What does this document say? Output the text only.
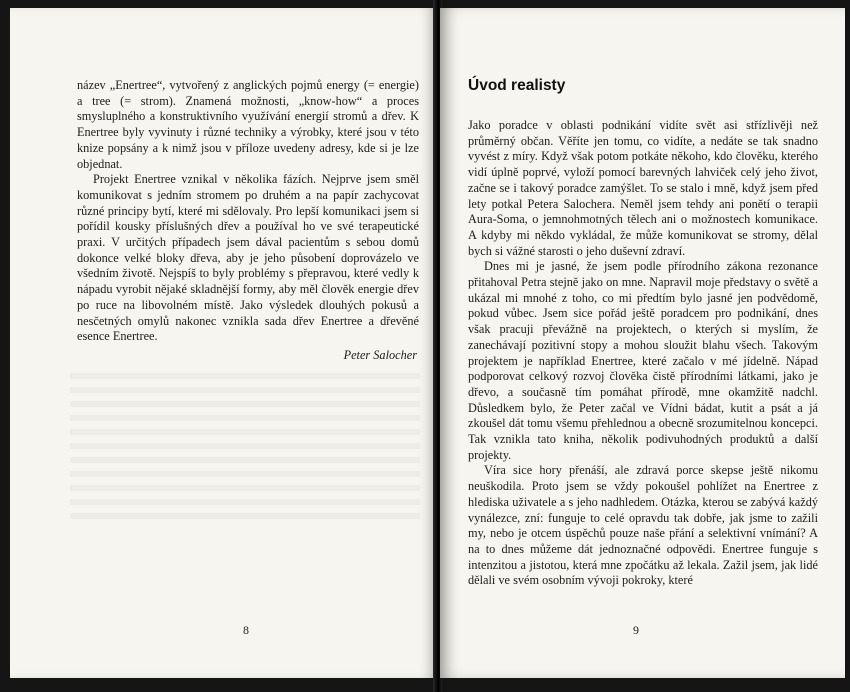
název „Enertree“, vytvořený z anglických pojmů energy (= energie) a tree (= strom). Znamená možnosti, „know-how“ a proces smysluplného a konstruktivního využívání energií stromů a dřev. K Enertree byly vyvinuty i různé techniky a výrobky, které jsou v této knize popsány a k nimž jsou v příloze uvedeny adresy, kde si je lze objednat.

Projekt Enertree vznikal v několika fázích. Nejprve jsem směl komunikovat s jedním stromem po druhém a na papír zachycovat různé principy bytí, které mi sdělovaly. Pro lepší komunikaci jsem si pořídil kousky příslušných dřev a používal ho ve své terapeutické praxi. V určitých případech jsem dával pacientům s sebou domů dokonce velké bloky dřeva, aby je jeho působení doprovázelo ve všedním životě. Nejspíš to byly problémy s přepravou, které vedly k nápadu vyrobit nějaké skladnější formy, aby měl člověk energie dřev po ruce na libovolném místě. Jako výsledek dlouhých pokusů a nesčetných omylů nakonec vznikla sada dřev Enertree a dřevěné esence Enertree.

Peter Salocher

8
Úvod realisty

Jako poradce v oblasti podnikání vidíte svět asi střízlivěji než průměrný občan. Věříte jen tomu, co vidíte, a nedáte se tak snadno vyvést z míry. Když však potom potkáte někoho, kdo člověku, kterého vidí úplně poprvé, vyloží pomocí barevných lahviček celý jeho život, začne se i takový poradce zamýšlet. To se stalo i mně, když jsem před lety potkal Petera Salochera. Neměl jsem tehdy ani ponětí o terapii Aura-Soma, o jemnohmotných tělech ani o možnostech komunikace. A kdyby mi někdo vykládal, že může komunikovat se stromy, dělal bych si vážné starosti o jeho duševní zdraví.

Dnes mi je jasné, že jsem podle přírodního zákona rezonance přitahoval Petra stejně jako on mne. Napravil moje představy o světě a ukázal mi mnohé z toho, co mi předtím bylo jasné jen podvědomě, pokud vůbec. Jsem sice pořád ještě poradcem pro podnikání, dnes však pracuji převážně na projektech, o kterých si myslím, že zanechávají pozitivní stopy a mohou sloužit blahu všech. Takovým projektem je například Enertree, které začalo v mé jídelně. Nápad podporovat celkový rozvoj člověka čistě přírodními látkami, jako je dřevo, a současně tím pomáhat přírodě, mne okamžitě nadchl. Důsledkem bylo, že Peter začal ve Vídni bádat, kutit a psát a já zkoušel dát tomu všemu přehlednou a obecně srozumitelnou koncepci. Tak vznikla tato kniha, několik podivuhodných produktů a další projekty.

Víra sice hory přenáší, ale zdravá porce skepse ještě nikomu neuškodila. Proto jsem se vždy pokoušel pohlížet na Enertree z hlediska uživatele a s jeho nadhledem. Otázka, kterou se zabývá každý vynálezce, zní: funguje to celé opravdu tak dobře, jak jsme to zažili my, nebo je otcem úspěchů pouze naše přání a selektivní vnímání? A na to dnes můžeme dát jednoznačné odpovědi. Enertree funguje s intenzitou a jistotou, která mne zpočátku až lekala. Zažil jsem, jak lidé dělali ve svém osobním vývoji pokroky, které

9
